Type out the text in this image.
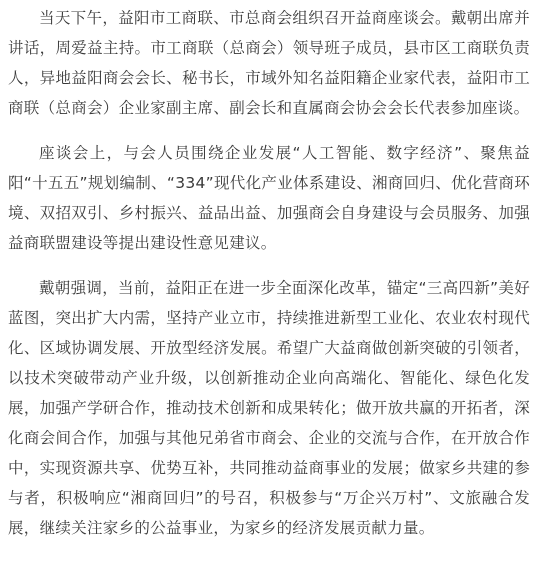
当天下午，益阳市工商联、市总商会组织召开益商座谈会。戴朝出席并讲话，周爱益主持。市工商联（总商会）领导班子成员，县市区工商联负责人，异地益阳商会会长、秘书长，市域外知名益阳籍企业家代表，益阳市工商联（总商会）企业家副主席、副会长和直属商会协会会长代表参加座谈。

座谈会上，与会人员围绕企业发展“人工智能、数字经济”、聚焦益阳“十五五”规划编制、“334”现代化产业体系建设、湘商回归、优化营商环境、双招双引、乡村振兴、益品出益、加强商会自身建设与会员服务、加强益商联盟建设等提出建设性意见建议。

戴朝强调，当前，益阳正在进一步全面深化改革，锚定“三高四新”美好蓝图，突出扩大内需，坚持产业立市，持续推进新型工业化、农业农村现代化、区域协调发展、开放型经济发展。希望广大益商做创新突破的引领者，以技术突破带动产业升级，以创新推动企业向高端化、智能化、绿色化发展，加强产学研合作，推动技术创新和成果转化；做开放共赢的开拓者，深化商会间合作，加强与其他兄弟省市商会、企业的交流与合作，在开放合作中，实现资源共享、优势互补，共同推动益商事业的发展；做家乡共建的参与者，积极响应“湘商回归”的号召，积极参与“万企兴万村”、文旅融合发展，继续关注家乡的公益事业，为家乡的经济发展贡献力量。
